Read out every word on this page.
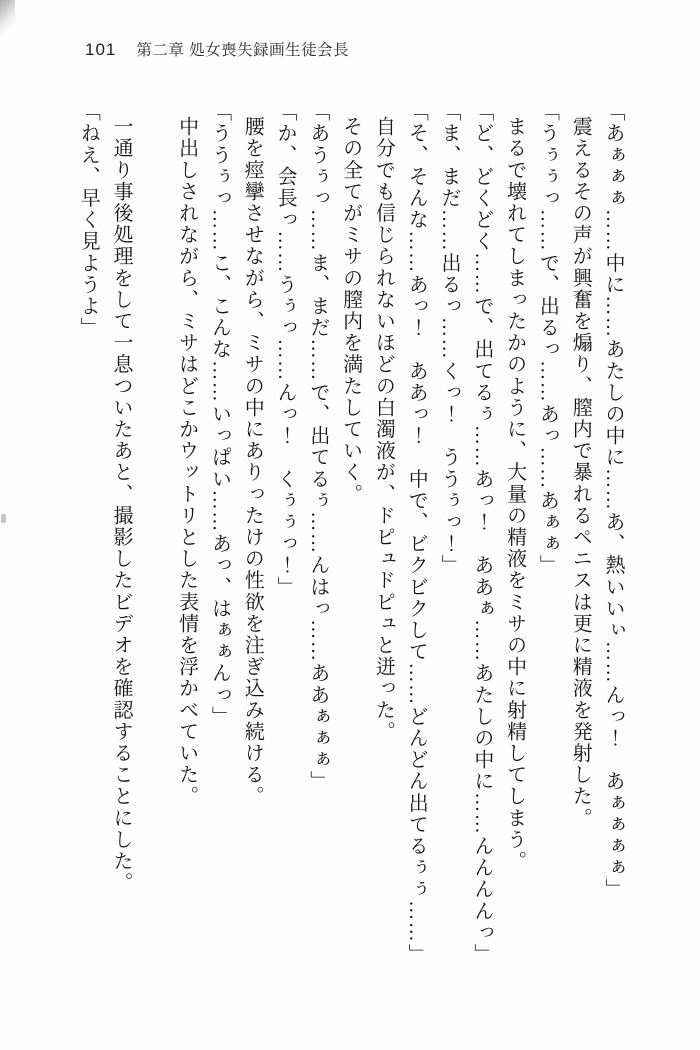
101 第二章 処女喪失録画生徒会長
「あぁぁぁ……中に……あたしの中に……あ、熱いいぃ……んっ！　あぁぁぁぁ」
震えるその声が興奮を煽り、膣内で暴れるペニスは更に精液を発射した。
「うぅぅっ……で、出るっ……あっ……あぁぁ」
まるで壊れてしまったかのように、大量の精液をミサの中に射精してしまう。
「ど、どくどく……で、出てるぅ……あっ！　ああぁ……あたしの中に……んんんんっ」
「ま、まだ……出るっ……くっ！　ううぅっ！」
「そ、そんな……あっ！　ああっ！　中で、ビクビクして……どんどん出てるぅぅ……」
自分でも信じられないほどの白濁液が、ドピュドピュと迸った。
その全てがミサの膣内を満たしていく。
「あうぅっ……ま、まだ……で、出てるぅ……んはっ……ああぁぁぁ」
「か、会長っ……うぅっ……んっ！　くぅぅっ！」
腰を痙攣させながら、ミサの中にありったけの性欲を注ぎ込み続ける。
「ううぅっ……こ、こんな……いっぱい……あっ、はぁぁんっ」
中出しされながら、ミサはどこかウットリとした表情を浮かべていた。
一通り事後処理をして一息ついたあと、撮影したビデオを確認することにした。
「ねえ、早く見ようよ」
